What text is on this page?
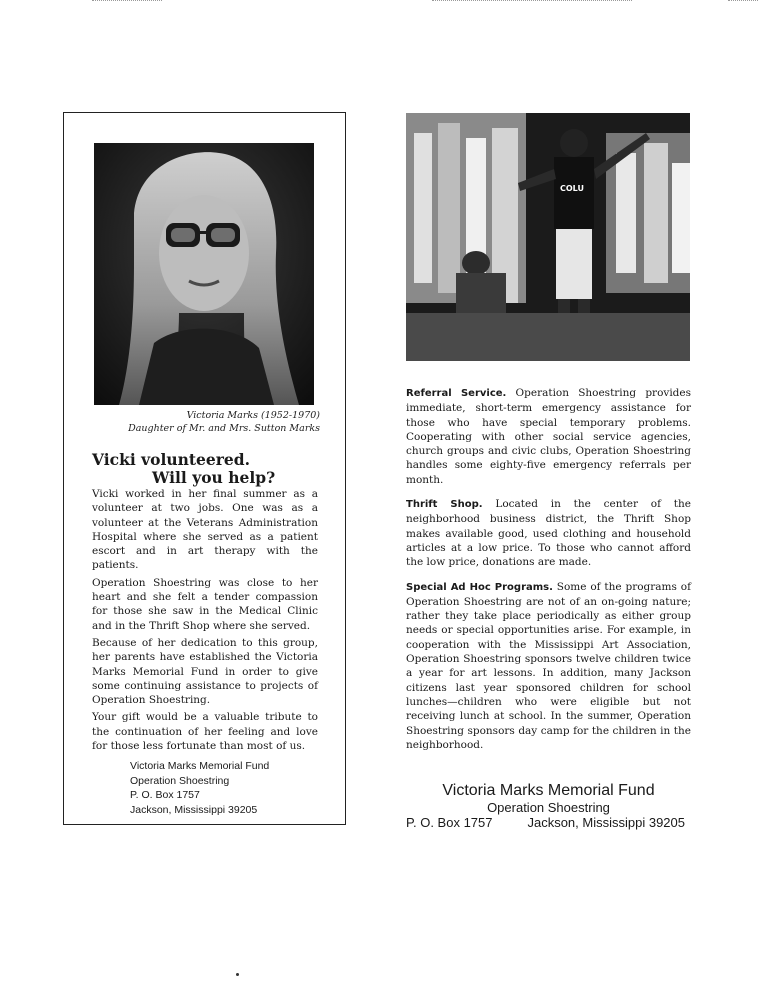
Victoria Marks (1952-1970)
Daughter of Mr. and Mrs. Sutton Marks
Vicki volunteered.
Will you help?

Vicki worked in her final summer as a volunteer at two jobs. One was as a volunteer at the Veterans Administration Hospital where she served as a patient escort and in art therapy with the patients.

Operation Shoestring was close to her heart and she felt a tender compassion for those she saw in the Medical Clinic and in the Thrift Shop where she served.

Because of her dedication to this group, her parents have established the Victoria Marks Memorial Fund in order to give some continuing assistance to projects of Operation Shoestring.

Your gift would be a valuable tribute to the continuation of her feeling and love for those less fortunate than most of us.

Victoria Marks Memorial Fund
Operation Shoestring
P. O. Box 1757
Jackson, Mississippi 39205
COLU

Referral Service. Operation Shoestring provides immediate, short-term emergency assistance for those who have special temporary problems. Cooperating with other social service agencies, church groups and civic clubs, Operation Shoestring handles some eighty-five emergency referrals per month.

Thrift Shop. Located in the center of the neighborhood business district, the Thrift Shop makes available good, used clothing and household articles at a low price. To those who cannot afford the low price, donations are made.

Special Ad Hoc Programs. Some of the programs of Operation Shoestring are not of an on-going nature; rather they take place periodically as either group needs or special opportunities arise. For example, in cooperation with the Mississippi Art Association, Operation Shoestring sponsors twelve children twice a year for art lessons. In addition, many Jackson citizens last year sponsored children for school lunches—children who were eligible but not receiving lunch at school. In the summer, Operation Shoestring sponsors day camp for the children in the neighborhood.

Victoria Marks Memorial Fund
Operation Shoestring
P. O. Box 1757	Jackson, Mississippi 39205
